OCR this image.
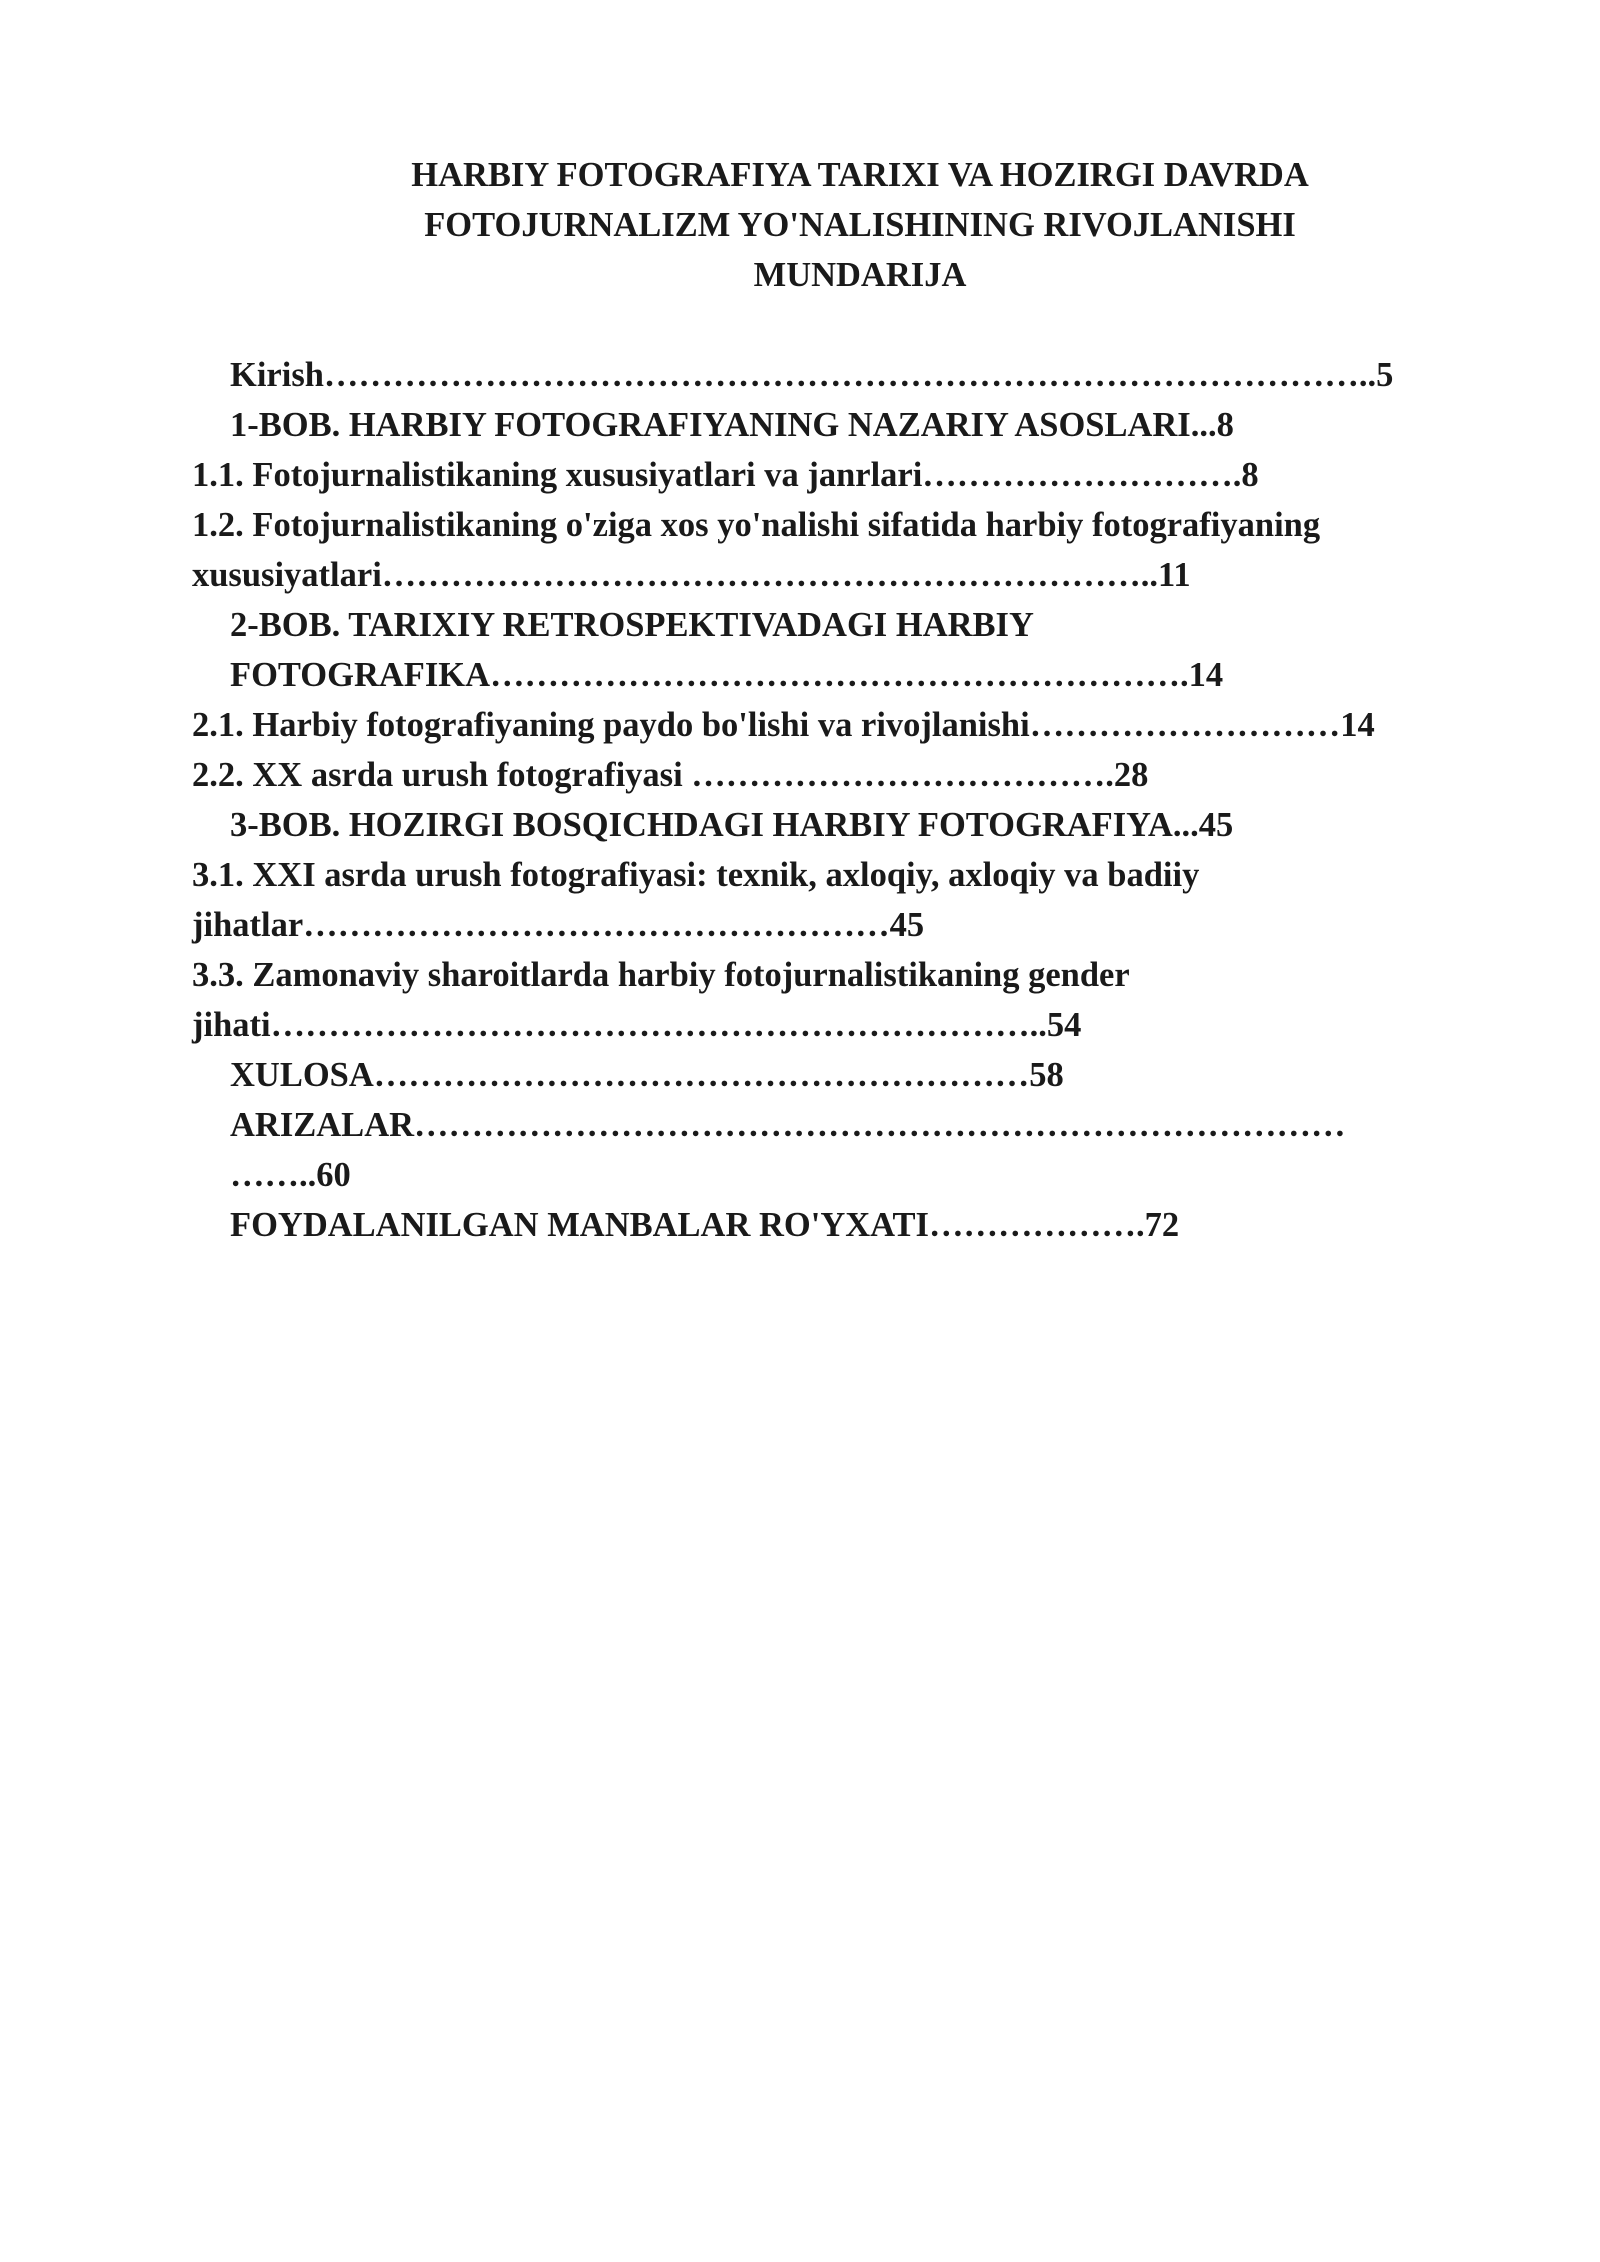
HARBIY FOTOGRAFIYA TARIXI VA HOZIRGI DAVRDA
FOTOJURNALIZM YO'NALISHINING RIVOJLANISHI
MUNDARIJA
Kirish………………………………………………………………………………..5
1-BOB. HARBIY FOTOGRAFIYANING NAZARIY ASOSLARI...8
1.1. Fotojurnalistikaning xususiyatlari va janrlari……………………….8
1.2. Fotojurnalistikaning o'ziga xos yo'nalishi sifatida harbiy fotografiyaning
xususiyatlari…………………………………………………………..11
2-BOB. TARIXIY RETROSPEKTIVADAGI HARBIY
FOTOGRAFIKA…………………………………………………….14
2.1. Harbiy fotografiyaning paydo bo'lishi va rivojlanishi………………………14
2.2. XX asrda urush fotografiyasi ……………………………….28
3-BOB. HOZIRGI BOSQICHDAGI HARBIY FOTOGRAFIYA...45
3.1. XXI asrda urush fotografiyasi: texnik, axloqiy, axloqiy va badiiy
jihatlar……………………………………………45
3.3. Zamonaviy sharoitlarda harbiy fotojurnalistikaning gender
jihati…………………………………………………………..54
XULOSA…………………………………………………58
ARIZALAR………………………………………………………………………
……..60
FOYDALANILGAN MANBALAR RO'YXATI……………….72
